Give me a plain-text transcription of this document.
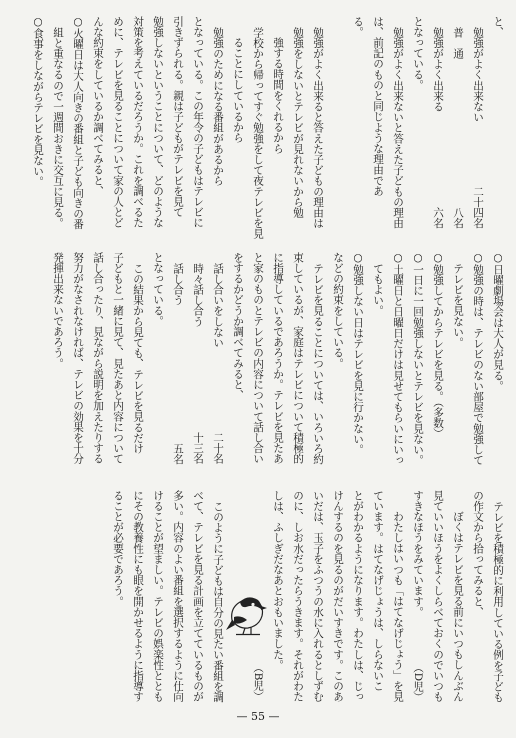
と、
勉強がよく出来ない
二十四名
普　通
八名
勉強がよく出来る
六名
となっている。
勉強がよく出来ないと答えた子どもの理由
は、前記のものと同じような理由であ
る。
勉強がよく出来ると答えた子どもの理由は
勉強をしないとテレビが見れないから勉
強する時間をくれるから
学校から帰ってすぐ勉強をして夜テレビを見
ることにしているから
勉強のためになる番組があるから
となっている。この年令の子どもはテレビに
引きずられる。親は子どもがテレビを見て
勉強しないということについて、どのような
対策を考えているだろうか。これを調べるた
めに、テレビを見ることについて家の人とど
んな約束をしているか調べてみると、
○火曜日は大人向きの番組と子ども向きの番
組と重なるので一週間おきに交互に見る。
○食事をしながらテレビを見ない。
○日曜劇場会は大人が見る。
○勉強の時は、テレビのない部屋で勉強して
テレビを見ない。
○勉強してからテレビを見る。（多数）
○一日に一回勉強しないとテレビを見ない。
○土曜日と日曜日だけは見せてもらいにいっ
てもよい。
○勉強しない日はテレビを見に行かない。
などの約束をしている。
テレビを見ることについては、いろいろ約
束しているが、家庭はテレビについて積極的
に指導しているであろうか。テレビを見たあ
と家のものとテレビの内容について話し合い
をするかどうか調べてみると、
話し合いをしない
二十名
時々話し合う
十三名
話し合う
五名
となっている。
この結果から見ても、テレビを見るだけ
子どもと一緒に見て、見たあと内容について
話し合ったり、見ながら説明を加えたりする
努力がなされなければ、テレビの効果を十分
発揮出来ないであろう。
テレビを積極的に利用している例を子ども
の作文から拾ってみると、
ぼくはテレビを見る前にいつもしんぶん
見ていいほうをよくしらべておくのでいつも
すきなほうをみています。
（D児）
わたしはいつも「はてなげじょう」を見
ています。はてなげじょうは、しらないこ
とがわかるようになります。わたしは、じっ
けんするのを見るのがだいすきです。このあ
いだは、玉子をふつうの水に入れるとしずむ
のに、しお水だったらうきます。それがわた
しは、ふしぎだなあとおもいました。
（B児）
このように子どもは自分の見たい番組を調
べて、テレビを見る計画を立てているものが
多い。内容のよい番組を選択するように仕向
けることが望ましい。テレビの娯楽性ととも
にその教養性にも眼を開かせるように指導す
ることが必要であろう。
— 55 —
